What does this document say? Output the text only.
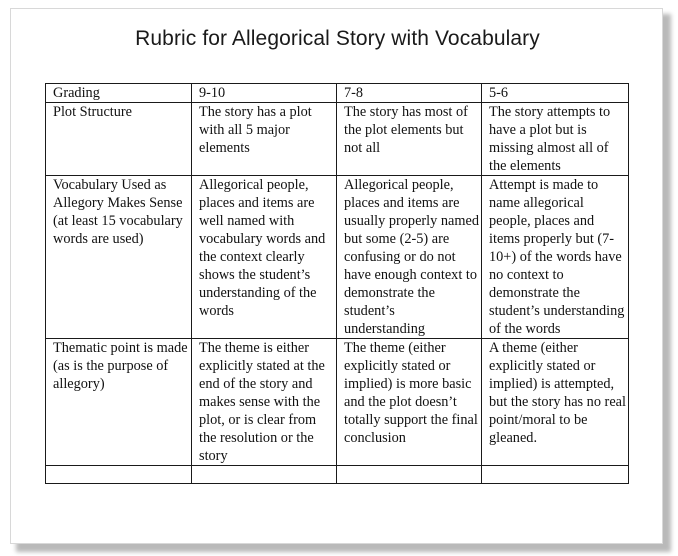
Rubric for Allegorical Story with Vocabulary
Grading	9-10	7-8	5-6
Plot Structure	The story has a plot with all 5 major elements	The story has most of the plot elements but not all	The story attempts to have a plot but is missing almost all of the elements
Vocabulary Used as Allegory Makes Sense (at least 15 vocabulary words are used)	Allegorical people, places and items are well named with vocabulary words and the context clearly shows the student’s understanding of the words	Allegorical people, places and items are usually properly named but some (2-5) are confusing or do not have enough context to demonstrate the student’s understanding	Attempt is made to name allegorical people, places and items properly but (7-10+) of the words have no context to demonstrate the student’s understanding of the words
Thematic point is made (as is the purpose of allegory)	The theme is either explicitly stated at the end of the story and makes sense with the plot, or is clear from the resolution or the story	The theme (either explicitly stated or implied) is more basic and the plot doesn’t totally support the final conclusion	A theme (either explicitly stated or implied) is attempted, but the story has no real point/moral to be gleaned.
